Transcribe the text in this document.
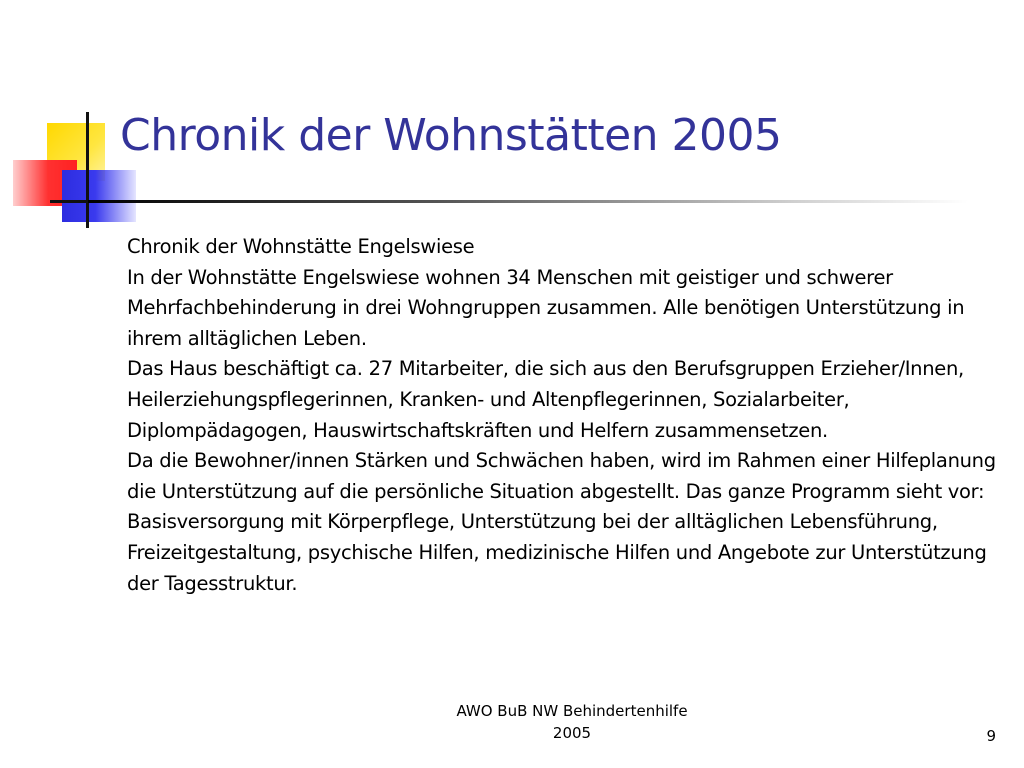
Chronik der Wohnstätten 2005

Chronik der Wohnstätte Engelswiese

In der Wohnstätte Engelswiese wohnen 34 Menschen mit geistiger und schwerer Mehrfachbehinderung in drei Wohngruppen zusammen. Alle benötigen Unterstützung in ihrem alltäglichen Leben.

Das Haus beschäftigt ca. 27 Mitarbeiter, die sich aus den Berufsgruppen Erzieher/Innen, Heilerziehungspflegerinnen, Kranken- und Altenpflegerinnen, Sozialarbeiter, Diplompädagogen, Hauswirtschaftskräften und Helfern zusammensetzen.

Da die Bewohner/innen Stärken und Schwächen haben, wird im Rahmen einer Hilfeplanung die Unterstützung auf die persönliche Situation abgestellt. Das ganze Programm sieht vor: Basisversorgung mit Körperpflege, Unterstützung bei der alltäglichen Lebensführung, Freizeitgestaltung, psychische Hilfen, medizinische Hilfen und Angebote zur Unterstützung der Tagesstruktur.

AWO BuB NW Behindertenhilfe
2005	9
